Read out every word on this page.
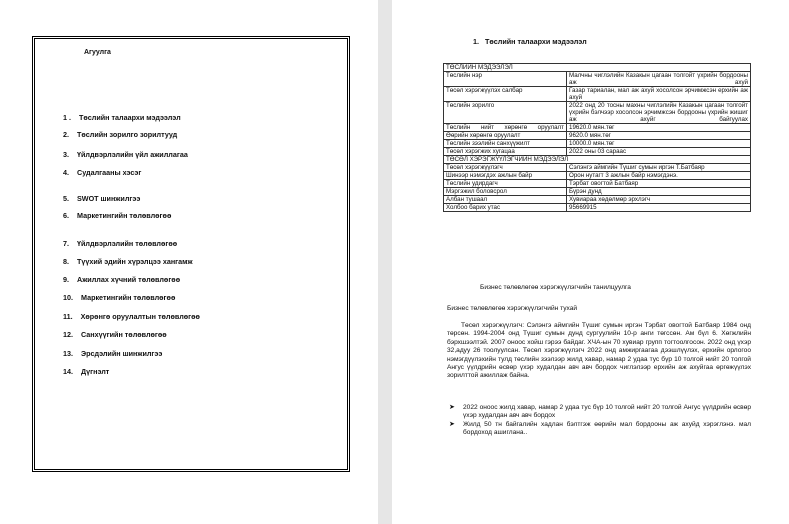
Агуулга
1 . Төслийн талаархи мэдээлэл
2. Төслийн зорилго зорилтууд
3. Үйлдвэрлэлийн үйл ажиллагаа
4. Судалгааны хэсэг
5. SWOT шинжилгээ
6. Маркетингийн төлөвлөгөө
7. Үйлдвэрлэлийн төлөвлөгөө
8. Түүхий эдийн хүрэлцээ хангамж
9. Ажиллах хүчний төлөвлөгөө
10. Маркетингийн төлөвлөгөө
11. Хөрөнгө оруулалтын төлөвлөгөө
12. Санхүүгийн төлөвлөгөө
13. Эрсдэлийн шинжилгээ
14. Дүгнэлт
1. Төслийн талаархи мэдээлэл
ТӨСЛИЙН МЭДЭЭЛЭЛ	
Төслийн нэр	Малчны чиглэлийн Казакын цагаан толгойт үхрийн бордооны аж ахуй
Төсөл хэрэгжүүлэх салбар	Газар тариалан, мал аж ахуй хосолсон эрчимжсэн ерхийн аж ахуй
Төслийн зорилго	2022 онд 20 тосны махны чиглэлийн Казакын цагаан толгойт үхрийн бэлчээр хосолсон эрчимжсэн бордооны үхрийн жишиг аж ахуйг байгуулах
Төслийн нийт хөрөнгө оруулалт	19620.0 мян.төг
Өөрийн хөрөнгө оруулалт	9620.0 мян.төг
Төслийн зээлийн санхүүжилт	10000.0 мян.төг
Төсөл хэрэгжих хугацаа	2022 оны 03 сараас
ТӨСӨЛ ХЭРЭГЖҮҮЛЭГЧИЙН МЭДЭЭЛЭЛ	
Төсөл хэрэгжүүлэгч	Сэлэнгэ аймгийн Түшиг сумын иргэн Т.Батбаяр
Шинээр нэмэгдэх ажлын байр	Орон нутагт 3 ажлын байр нэмэгдэнэ.
Төслийн удирдагч	Тэрбат овогтой Батбаяр
Мэргэжил боловсрол	Бүрэн дунд
Албан тушаал	Хувиараа хөдөлмөр эрхлэгч
Холбоо барих утас	95669915
Бизнес төлөвлөгөө хэрэгжүүлэгчийн танилцуулга
Бизнес төлөвлөгөө хэрэгжүүлэгчийн тухай

Төсөл хэрэгжүүлэгч: Сэлэнгэ аймгийн Түшиг сумын иргэн Тэрбат овогтой Батбаяр 1984 онд төрсөн. 1994-2004 онд Түшиг сумын дунд сургуулийн 10-р анги төгссөн. Ам бүл 6. Хөгжлийн бэрхшээлтэй. 2007 оноос хойш гэрээ байдаг. ХЧА-ын 70 хувиар групп тогтоолгосон. 2022 онд үхэр 32,адуу 26 тоолуулсан. Төсөл хэрэгжүүлэгч 2022 онд амжиргаагаа дээшлүүлэх, ерхийн орлогоо нэмэгдүүлэхийн тулд төслийн зээлээр жилд хавар, намар 2 удаа тус бүр 10 толгой нийт 20 толгой Ангус үүлдрийн өсвөр үхэр худалдан авч авч бордох чиглэлээр ерхийн аж ахуйгаа өргөжүүлэх зорилттой ажиллаж байна.

➤ 2022 оноос жилд хавар, намар 2 удаа тус бүр 10 толгой нийт 20 толгой Ангус үүлдрийн өсвөр үхэр худалдан авч авч бордох
➤ Жилд 50 тн байгалийн хадлан бэлтгэж өөрийн мал бордооны аж ахуйд хэрэглэнэ. мал бордоход ашиглана..
